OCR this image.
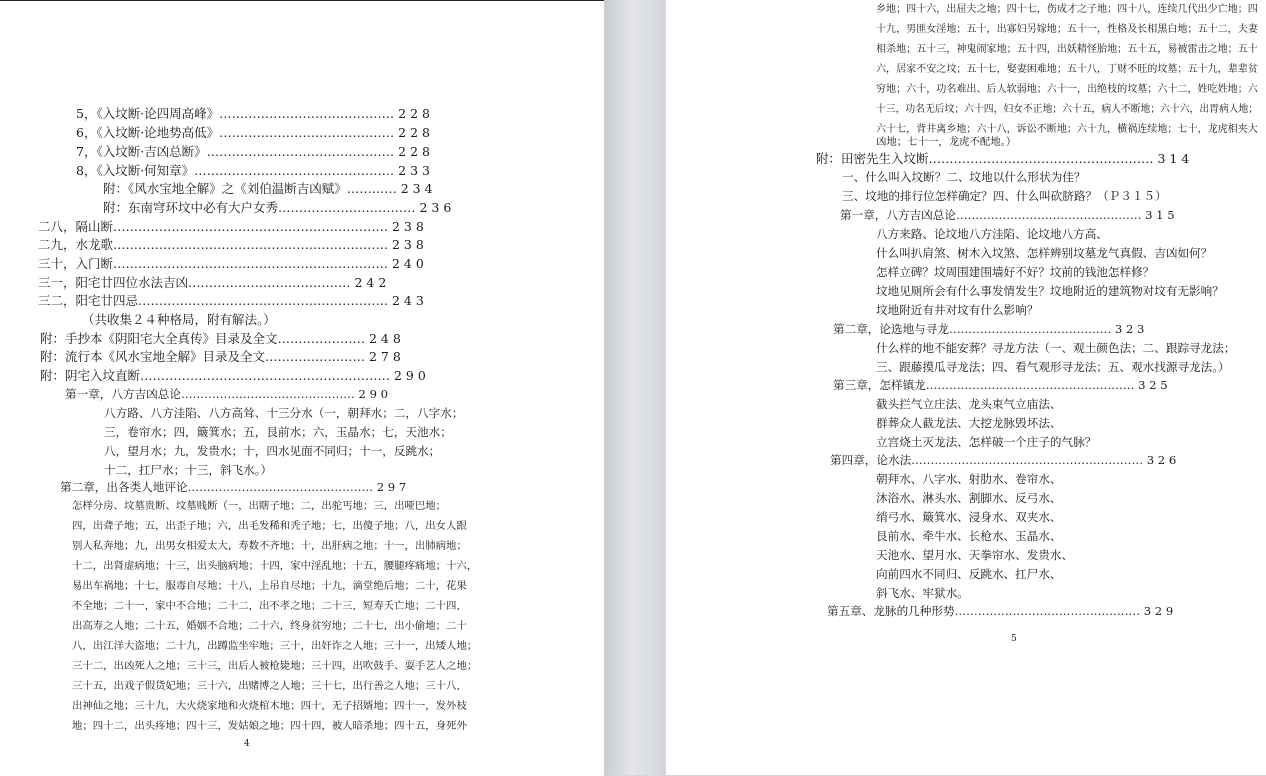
5，《入坟断·论四周高峰》…………………………………… 2 2 8
6，《入坟断·论地势高低》…………………………………… 2 2 8
7，《入坟断·吉凶总断》……………………………………… 2 2 8
8，《入坟断·何知章》………………………………………… 2 3 3
附：《风水宝地全解》之《刘伯温断吉凶赋》………… 2 3 4
附：东南穹环坟中必有大户女秀…………………………… 2 3 6
二八，隔山断………………………………………………………… 2 3 8
二九，水龙歌………………………………………………………… 2 3 8
三十，入门断………………………………………………………… 2 4 0
三一，阳宅廿四位水法吉凶………………………………… 2 4 2
三二，阳宅廿四忌…………………………………………………… 2 4 3
（共收集２４种格局，附有解法。）
附：手抄本《阴阳宅大全真传》目录及全文………………… 2 4 8
附：流行本《风水宝地全解》目录及全文…………………… 2 7 8
附：阴宅入坟直断…………………………………………………… 2 9 0
第一章，八方吉凶总论……………………………………… 2 9 0
八方路、八方洼陷、八方高耸、十三分水（一，朝拜水；二，八字水；
三，卷帘水；四，簸箕水；五，艮前水；六，玉晶水；七，天池水；
八，望月水；九，发贵水；十，四水见面不同归；十一，反跳水；
十二，扛尸水；十三，斜飞水。）
第二章，出各类人地评论………………………………………… 2 9 7
怎样分房、坟墓贵断、坟墓贱断（一，出瞎子地；二，出驼丐地；三，出哑巴地；
四，出聋子地；五，出歪子地；六，出毛发稀和秃子地；七，出傻子地；八，出女人跟
别人私奔地；九，出男女相爱太大，寿数不齐地；十，出肝病之地；十一，出肺病地；
十二，出肾虚病地；十三，出头脑病地；十四，家中淫乱地；十五，腰腿疼痛地；十六，
易出车祸地；十七，服毒自尽地；十八，上吊自尽地；十九，滴堂绝后地；二十，花果
不全地；二十一，家中不合地；二十二，出不孝之地；二十三，短寿夭亡地；二十四，
出高寿之人地；二十五，婚姻不合地；二十六，终身贫穷地；二十七，出小偷地；二十
八，出江洋大盗地；二十九，出蹲监坐牢地；三十，出奸诈之人地；三十一，出矮人地；
三十二，出凶死人之地；三十三，出后人被枪毙地；三十四，出吹鼓手、耍手艺人之地；
三十五，出戏子假货妃地；三十六，出赌博之人地；三十七，出行善之人地；三十八，
出神仙之地；三十九，大火烧家地和火烧棺木地；四十，无子招婿地；四十一，发外枝
地；四十二，出头疼地；四十三，发姑娘之地；四十四，被人暗杀地；四十五，身死外
4
乡地；四十六，出屈夫之地；四十七，伤成才之子地；四十八，连续几代出少亡地；四
十九，男匪女淫地；五十，出寡妇另嫁地；五十一，性格及长相黑白地；五十二，夫妻
相杀地；五十三，神鬼闹家地；五十四，出妖精怪胎地；五十五，易被雷击之地；五十
六，居家不安之坟；五十七，娶妻困难地；五十八，丁财不旺的坟墓；五十九，辈辈贫
穷地；六十，功名难出、后人软弱地；六十一，出绝枝的坟墓；六十二，姓吃姓地；六
十三，功名无后坟；六十四，妇女不正地；六十五，病人不断地；六十六，出胃病人地；
六十七，背井离乡地；六十八，诉讼不断地；六十九，横祸连续地；七十，龙虎相夹大
凶地；七十一，龙虎不配地。）
附：田密先生入坟断……………………………………………… 3 1 4
一、什么叫入坟断？二、坟地以什么形状为佳？
三、坟地的排行位怎样确定？四、什么叫砍脐路？（Ｐ３１５）
第一章，八方吉凶总论………………………………………… 3 1 5
八方来路、论坟地八方洼陷、论坟地八方高、
什么叫扒肩煞、树木入坟煞、怎样辨别坟墓龙气真假、吉凶如何？
怎样立碑？坟周围建围墙好不好？坟前的钱池怎样修？
坟地见厕所会有什么事发情发生？坟地附近的建筑物对坟有无影响？
坟地附近有井对坟有什么影响？
第二章，论选地与寻龙…………………………………… 3 2 3
什么样的地不能安葬？寻龙方法（一、观土颜色法；二、跟踪寻龙法；
三、跟藤摸瓜寻龙法；四、看气观形寻龙法；五、观水找源寻龙法。）
第三章，怎样镇龙……………………………………………… 3 2 5
截头拦气立庄法、龙头束气立庙法、
群葬众人截龙法、大挖龙脉毁坏法、
立宫烧土灭龙法、怎样破一个庄子的气脉？
第四章，论水法…………………………………………………… 3 2 6
朝拜水、八字水、射肋水、卷帘水、
沐浴水、淋头水、割脚水、反弓水、
绡弓水、簸箕水、浸身水、双夹水、
艮前水、牵牛水、长枪水、玉晶水、
天池水、望月水、天拳帘水、发贵水、
向前四水不同归、反跳水、扛尸水、
斜飞水、牢狱水。
第五章、龙脉的几种形势………………………………………… 3 2 9
5
